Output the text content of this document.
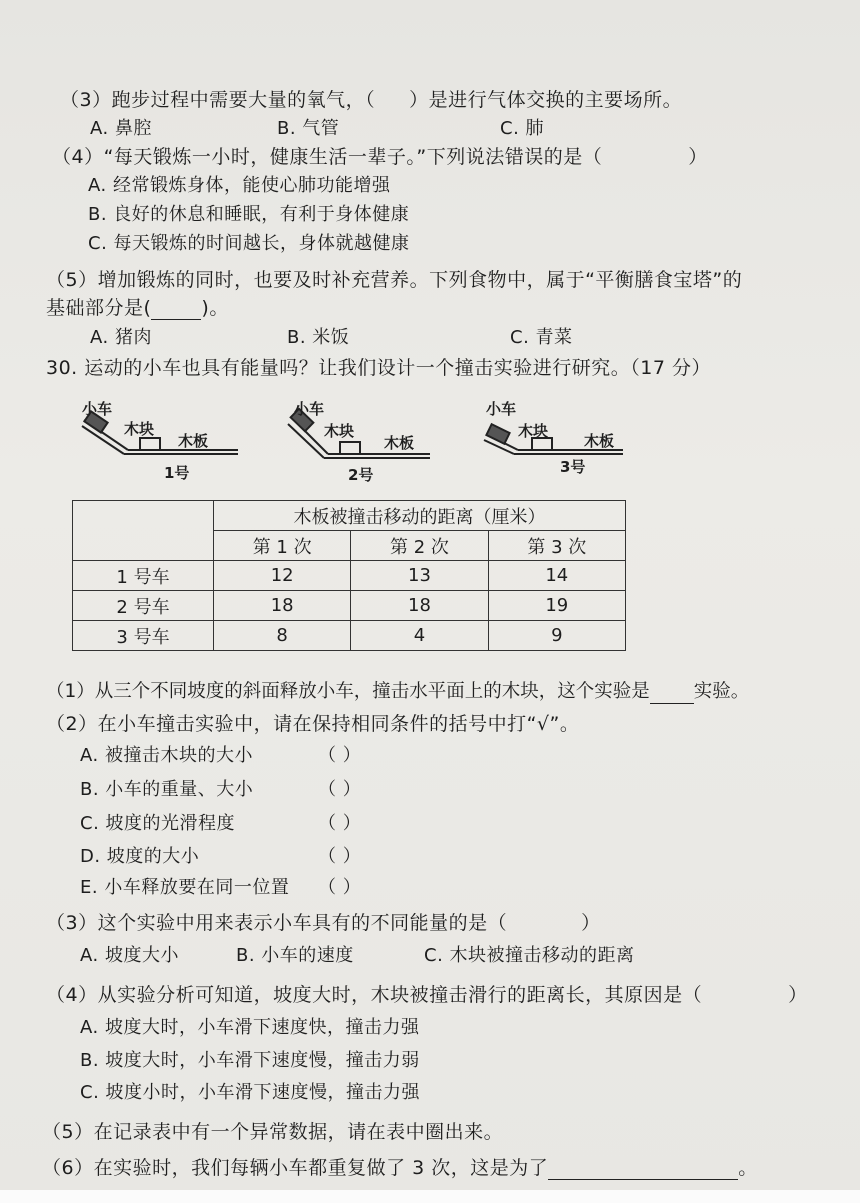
（3）跑步过程中需要大量的氧气，（ ）是进行气体交换的主要场所。
A. 鼻腔	B. 气管	C. 肺
（4）“每天锻炼一小时，健康生活一辈子。”下列说法错误的是（	）
A. 经常锻炼身体，能使心肺功能增强
B. 良好的休息和睡眠，有利于身体健康
C. 每天锻炼的时间越长，身体就越健康
（5）增加锻炼的同时，也要及时补充营养。下列食物中，属于“平衡膳食宝塔”的
基础部分是(	)。
A. 猪肉	B. 米饭	C. 青菜
30. 运动的小车也具有能量吗？让我们设计一个撞击实验进行研究。（17 分）
小车
木块
木板
1号
小车
木块
木板
2号
小车
木块
木板
3号
	木板被撞击移动的距离（厘米）		
	第 1 次	第 2 次	第 3 次
1 号车	12	13	14
2 号车	18	18	19
3 号车	8	4	9
（1）从三个不同坡度的斜面释放小车，撞击水平面上的木块，这个实验是 实验。
（2）在小车撞击实验中，请在保持相同条件的括号中打“√”。
A. 被撞击木块的大小	（ ）
B. 小车的重量、大小	（ ）
C. 坡度的光滑程度	（ ）
D. 坡度的大小	（ ）
E. 小车释放要在同一位置 （ ）
（3）这个实验中用来表示小车具有的不同能量的是（	）
A. 坡度大小	B. 小车的速度	C. 木块被撞击移动的距离
（4）从实验分析可知道，坡度大时，木块被撞击滑行的距离长，其原因是（	）
A. 坡度大时，小车滑下速度快，撞击力强
B. 坡度大时，小车滑下速度慢，撞击力弱
C. 坡度小时，小车滑下速度慢，撞击力强
（5）在记录表中有一个异常数据，请在表中圈出来。
（6）在实验时，我们每辆小车都重复做了 3 次，这是为了	。
